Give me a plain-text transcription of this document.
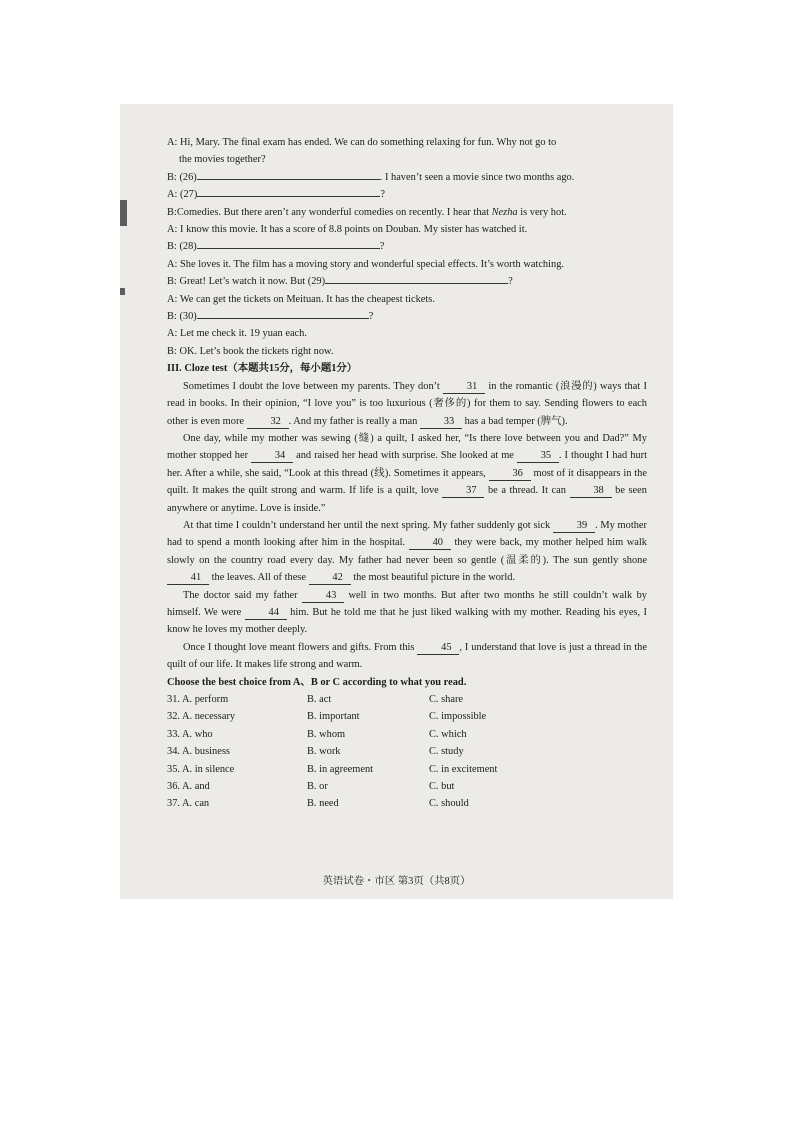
A: Hi, Mary. The final exam has ended. We can do something relaxing for fun. Why not go to
the movies together?
B: (26)	. I haven’t seen a movie since two months ago.
A: (27)	?
B:Comedies. But there aren’t any wonderful comedies on recently. I hear that Nezha is very hot.
A: I know this movie. It has a score of 8.8 points on Douban. My sister has watched it.
B: (28)	?
A: She loves it. The film has a moving story and wonderful special effects. It’s worth watching.
B: Great! Let’s watch it now. But (29)	?
A: We can get the tickets on Meituan. It has the cheapest tickets.
B: (30)	?
A: Let me check it. 19 yuan each.
B: OK. Let’s book the tickets right now.
III. Cloze test（本题共15分，每小题1分）

Sometimes I doubt the love between my parents. They don’t	31 in the romantic (浪漫的) ways that I read in books. In their opinion, “I love you” is too luxurious (奢侈的) for them to say. Sending flowers to each other is even more	32 . And my father is really a man	33 has a bad temper (脾气).

One day, while my mother was sewing (缝) a quilt, I asked her, “Is there love between you and Dad?” My mother stopped her	34 and raised her head with surprise. She looked at me	35 . I thought I had hurt her. After a while, she said, “Look at this thread (线). Sometimes it appears,	36 most of it disappears in the quilt. It makes the quilt strong and warm. If life is a quilt, love	37 be a thread. It can	38 be seen anywhere or anytime. Love is inside.”

At that time I couldn’t understand her until the next spring. My father suddenly got sick	39 . My mother had to spend a month looking after him in the hospital.	40 they were back, my mother helped him walk slowly on the country road every day. My father had never been so gentle (温柔的). The sun gently shone 41 the leaves. All of these	42 the most beautiful picture in the world.

The doctor said my father	43 well in two months. But after two months he still couldn’t walk by himself. We were	44 him. But he told me that he just liked walking with my mother. Reading his eyes, I know he loves my mother deeply.

Once I thought love meant flowers and gifts. From this	45 , I understand that love is just a thread in the quilt of our life. It makes life strong and warm.

Choose the best choice from A、B or C according to what you read.
31. A. perform	B. act	C. share
32. A. necessary	B. important	C. impossible
33. A. who	B. whom	C. which
34. A. business	B. work	C. study
35. A. in silence	B. in agreement	C. in excitement
36. A. and	B. or	C. but
37. A. can	B. need	C. should
英语试卷・市区 第3页（共8页）
